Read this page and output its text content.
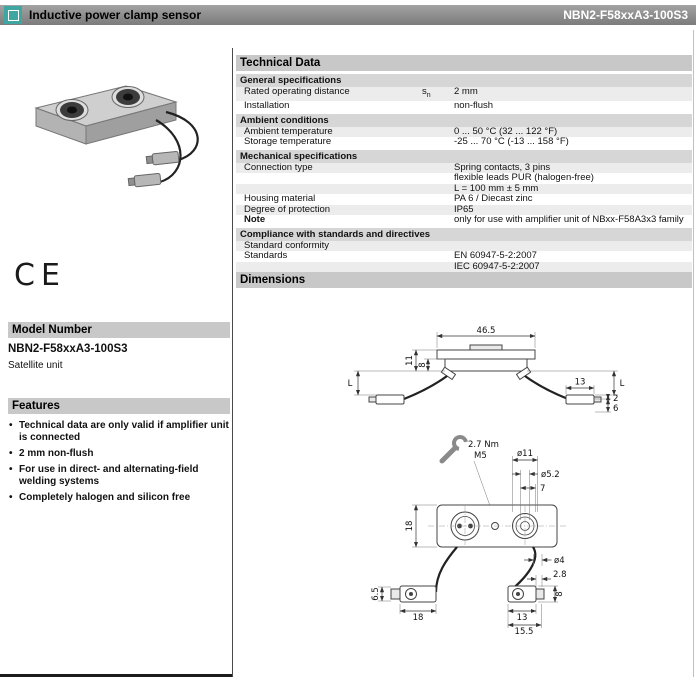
Inductive power clamp sensor	NBN2-F58xxA3-100S3
CE
Model Number
NBN2-F58xxA3-100S3
Satellite unit
Features
• Technical data are only valid if amplifier unit is connected
• 2 mm non-flush
• For use in direct- and alternating-field welding systems
• Completely halogen and silicon free
Technical Data
General specifications
Rated operating distance	$s_n$	2 mm
Installation	non-flush
Ambient conditions
Ambient temperature	0 ... 50 °C (32 ... 122 °F)
Storage temperature	-25 ... 70 °C (-13 ... 158 °F)
Mechanical specifications
Connection type	Spring contacts, 3 pins
flexible leads PUR (halogen-free)
L = 100 mm ± 5 mm
Housing material	PA 6 / Diecast zinc
Degree of protection	IP65
Note	only for use with amplifier unit of NBxx-F58A3x3 family
Compliance with standards and directives
Standard conformity
Standards	EN 60947-5-2:2007
IEC 60947-5-2:2007
Dimensions
46.5
11 8
L	L
13
2
6
2.7 Nm
M5
18
ø11
ø5.2
7
ø4
6.5
18
2.8
8
13
15.5
